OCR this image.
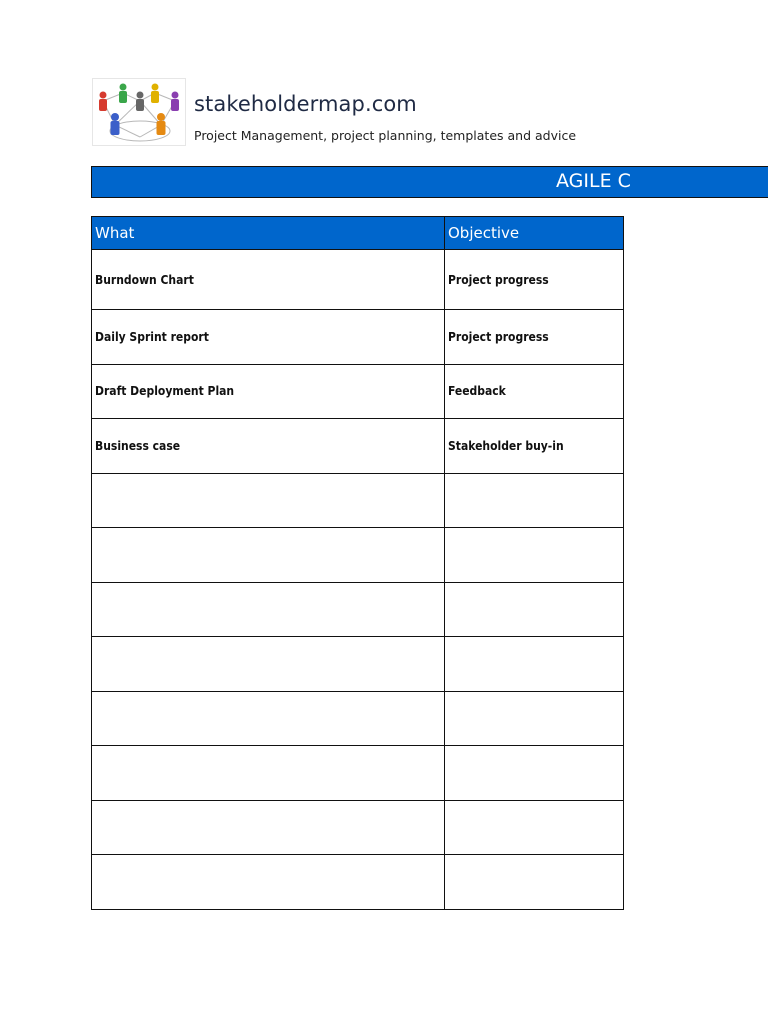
stakeholdermap.com
Project Management, project planning, templates and advice
AGILE C
What	Objective
Burndown Chart	Project progress
Daily Sprint report	Project progress
Draft Deployment Plan	Feedback
Business case	Stakeholder buy-in
